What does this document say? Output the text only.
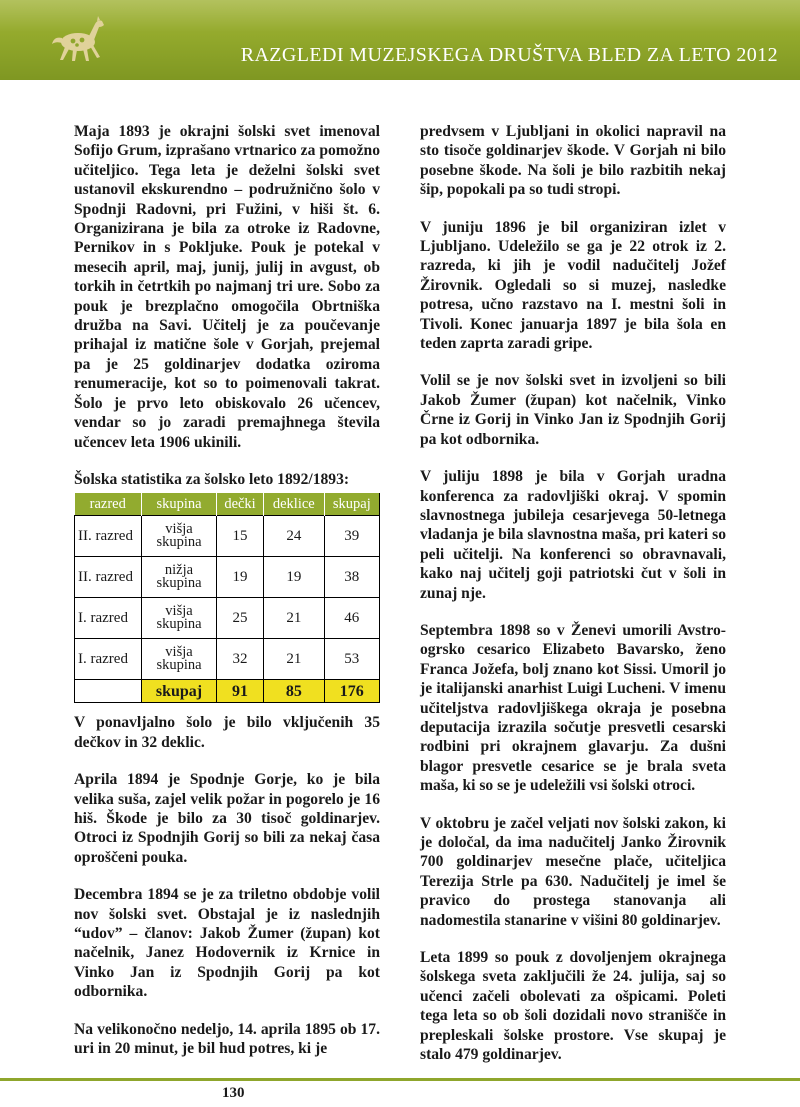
RAZGLEDI MUZEJSKEGA DRUŠTVA BLED ZA LETO 2012

Maja 1893 je okrajni šolski svet imenoval Sofijo Grum, izprašano vrtnarico za pomožno učiteljico. Tega leta je deželni šolski svet ustanovil ekskurendno – podružnično šolo v Spodnji Radovni, pri Fužini, v hiši št. 6. Organizirana je bila za otroke iz Radovne, Pernikov in s Pokljuke. Pouk je potekal v mesecih april, maj, junij, julij in avgust, ob torkih in četrtkih po najmanj tri ure. Sobo za pouk je brezplačno omogočila Obrtniška družba na Savi. Učitelj je za poučevanje prihajal iz matične šole v Gorjah, prejemal pa je 25 goldinarjev dodatka oziroma renumeracije, kot so to poimenovali takrat. Šolo je prvo leto obiskovalo 26 učencev, vendar so jo zaradi premajhnega števila učencev leta 1906 ukinili.

Šolska statistika za šolsko leto 1892/1893:

razred	skupina	dečki	deklice	skupaj
II. razred	višja skupina	15	24	39
II. razred	nižja skupina	19	19	38
I. razred	višja skupina	25	21	46
I. razred	višja skupina	32	21	53
	skupaj	91	85	176

V ponavljalno šolo je bilo vključenih 35 dečkov in 32 deklic.

Aprila 1894 je Spodnje Gorje, ko je bila velika suša, zajel velik požar in pogorelo je 16 hiš. Škode je bilo za 30 tisoč goldinarjev. Otroci iz Spodnjih Gorij so bili za nekaj časa oproščeni pouka.

Decembra 1894 se je za triletno obdobje volil nov šolski svet. Obstajal je iz naslednjih “udov” – članov: Jakob Žumer (župan) kot načelnik, Janez Hodovernik iz Krnice in Vinko Jan iz Spodnjih Gorij pa kot odbornika.

Na velikonočno nedeljo, 14. aprila 1895 ob 17. uri in 20 minut, je bil hud potres, ki je

predvsem v Ljubljani in okolici napravil na sto tisoče goldinarjev škode. V Gorjah ni bilo posebne škode. Na šoli je bilo razbitih nekaj šip, popokali pa so tudi stropi.

V juniju 1896 je bil organiziran izlet v Ljubljano. Udeležilo se ga je 22 otrok iz 2. razreda, ki jih je vodil nadučitelj Jožef Žirovnik. Ogledali so si muzej, nasledke potresa, učno razstavo na I. mestni šoli in Tivoli. Konec januarja 1897 je bila šola en teden zaprta zaradi gripe.

Volil se je nov šolski svet in izvoljeni so bili Jakob Žumer (župan) kot načelnik, Vinko Črne iz Gorij in Vinko Jan iz Spodnjih Gorij pa kot odbornika.

V juliju 1898 je bila v Gorjah uradna konferenca za radovljiški okraj. V spomin slavnostnega jubileja cesarjevega 50-letnega vladanja je bila slavnostna maša, pri kateri so peli učitelji. Na konferenci so obravnavali, kako naj učitelj goji patriotski čut v šoli in zunaj nje.

Septembra 1898 so v Ženevi umorili Avstro-ogrsko cesarico Elizabeto Bavarsko, ženo Franca Jožefa, bolj znano kot Sissi. Umoril jo je italijanski anarhist Luigi Lucheni. V imenu učiteljstva radovljiškega okraja je posebna deputacija izrazila sočutje presvetli cesarski rodbini pri okrajnem glavarju. Za dušni blagor presvetle cesarice se je brala sveta maša, ki so se je udeležili vsi šolski otroci.

V oktobru je začel veljati nov šolski zakon, ki je določal, da ima nadučitelj Janko Žirovnik 700 goldinarjev mesečne plače, učiteljica Terezija Strle pa 630. Nadučitelj je imel še pravico do prostega stanovanja ali nadomestila stanarine v višini 80 goldinarjev.

Leta 1899 so pouk z dovoljenjem okrajnega šolskega sveta zaključili že 24. julija, saj so učenci začeli obolevati za ošpicami. Poleti tega leta so ob šoli dozidali novo stranišče in prepleskali šolske prostore. Vse skupaj je stalo 479 goldinarjev.

130
